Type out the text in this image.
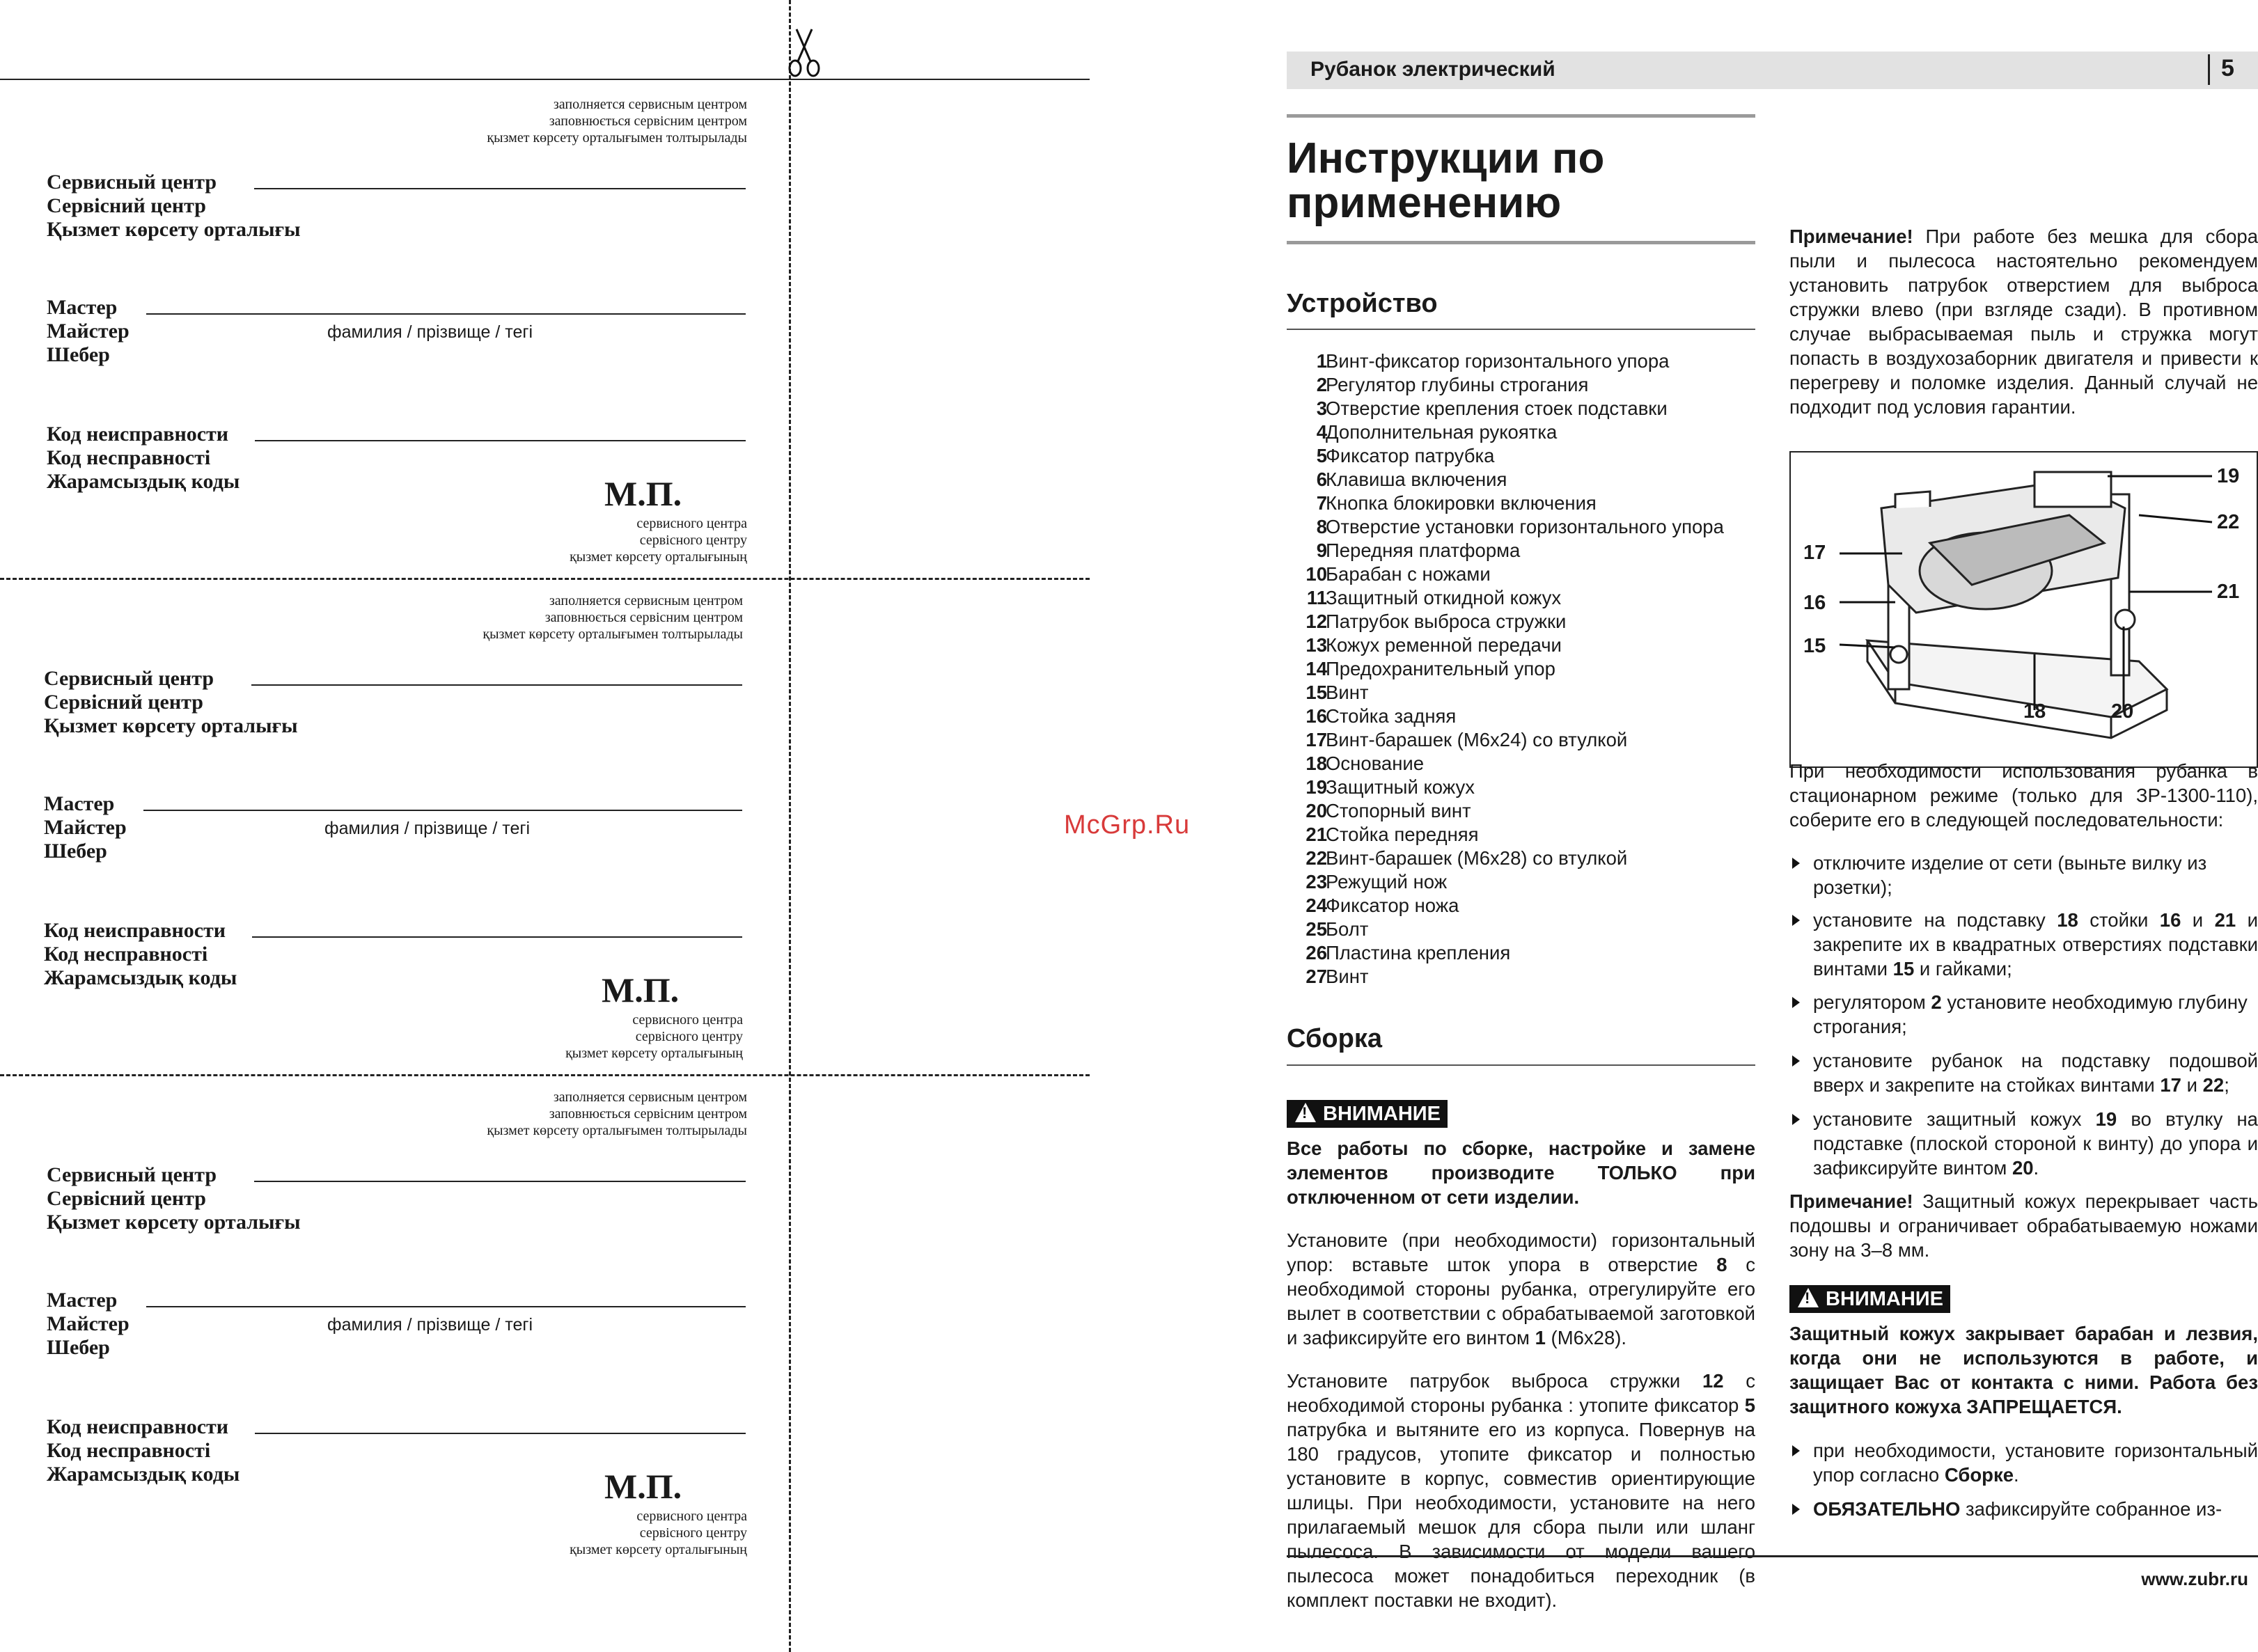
заполняется сервисным центром
заповнюється сервісним центром
қызмет көрсету орталығымен толтырылады
Сервисный центр
Сервісний центр
Қызмет көрсету орталығы
Мастер
Майстер
Шебер
фамилия / прізвище / тегі
Код неисправности
Код несправності
Жарамсыздық коды	М.П.
сервисного центра
сервісного центру
қызмет көрсету орталығының
заполняется сервисным центром
заповнюється сервісним центром
қызмет көрсету орталығымен толтырылады
Сервисный центр
Сервісний центр
Қызмет көрсету орталығы
Мастер
Майстер
Шебер
фамилия / прізвище / тегі
Код неисправности
Код несправності
Жарамсыздық коды	М.П.
сервисного центра
сервісного центру
қызмет көрсету орталығының
заполняется сервисным центром
заповнюється сервісним центром
қызмет көрсету орталығымен толтырылады
Сервисный центр
Сервісний центр
Қызмет көрсету орталығы
Мастер
Майстер
Шебер
фамилия / прізвище / тегі
Код неисправности
Код несправності
Жарамсыздық коды	М.П.
сервисного центра
сервісного центру
қызмет көрсету орталығының
McGrp.Ru
Рубанок электрический	5
Инструкции по применению
Устройство
1
Винт-фиксатор горизонтального упора
2
Регулятор глубины строгания
3
Отверстие крепления стоек подставки
4
Дополнительная рукоятка
5
Фиксатор патрубка
6
Клавиша включения
7
Кнопка блокировки включения
8
Отверстие установки горизонтального упора
9
Передняя платформа
10
Барабан с ножами
11
Защитный откидной кожух
12
Патрубок выброса стружки
13
Кожух ременной передачи
14
Предохранительный упор
15
Винт
16
Стойка задняя
17
Винт-барашек (М6х24) со втулкой
18
Основание
19
Защитный кожух
20
Стопорный винт
21
Стойка передняя
22
Винт-барашек (М6х28) со втулкой
23
Режущий нож
24
Фиксатор ножа
25
Болт
26
Пластина крепления
27
Винт
Сборка
!ВНИМАНИЕ
Все работы по сборке, настройке и замене элементов производите ТОЛЬКО при отключенном от сети изделии.
Установите (при необходимости) горизонтальный упор: вставьте шток упора в отверстие 8 с необходимой стороны рубанка, отрегулируйте его вылет в соответствии с обрабатываемой заготовкой и зафиксируйте его винтом 1 (М6х28).
Установите патрубок выброса стружки 12 с необходимой стороны рубанка : утопите фиксатор 5 патрубка и вытяните его из корпуса. Повернув на 180 градусов, утопите фиксатор и полностью установите в корпус, совместив ориентирующие шлицы. При необходимости, установите на него прилагаемый мешок для сбора пыли или шланг пылесоса. В зависимости от модели вашего пылесоса может понадобиться переходник (в комплект поставки не входит).
Примечание! При работе без мешка для сбора пыли и пылесоса настоятельно рекомендуем установить патрубок отверстием для выброса стружки влево (при взгляде сзади). В противном случае выбрасываемая пыль и стружка могут попасть в воздухозаборник двигателя и привести к перегреву и поломке изделия. Данный случай не подходит под условия гарантии.
19
22
17
21
16
15
18	20
При необходимости использования рубанка в стационарном режиме (только для ЗР-1300-110), соберите его в следующей последовательности:
отключите изделие от сети (выньте вилку из розетки);
установите на подставку 18 стойки 16 и 21 и закрепите их в квадратных отверстиях подставки винтами 15 и гайками;
регулятором 2 установите необходимую глубину строгания;
установите рубанок на подставку подошвой вверх и закрепите на стойках винтами 17 и 22;
установите защитный кожух 19 во втулку на подставке (плоской стороной к винту) до упора и зафиксируйте винтом 20.
Примечание! Защитный кожух перекрывает часть подошвы и ограничивает обрабатываемую ножами зону на 3–8 мм.
!ВНИМАНИЕ
Защитный кожух закрывает барабан и лезвия, когда они не используются в работе, и защищает Вас от контакта с ними. Работа без защитного кожуха ЗАПРЕЩАЕТСЯ.
при необходимости, установите горизонтальный упор согласно Сборке.
ОБЯЗАТЕЛЬНО зафиксируйте собранное из-
www.zubr.ru
